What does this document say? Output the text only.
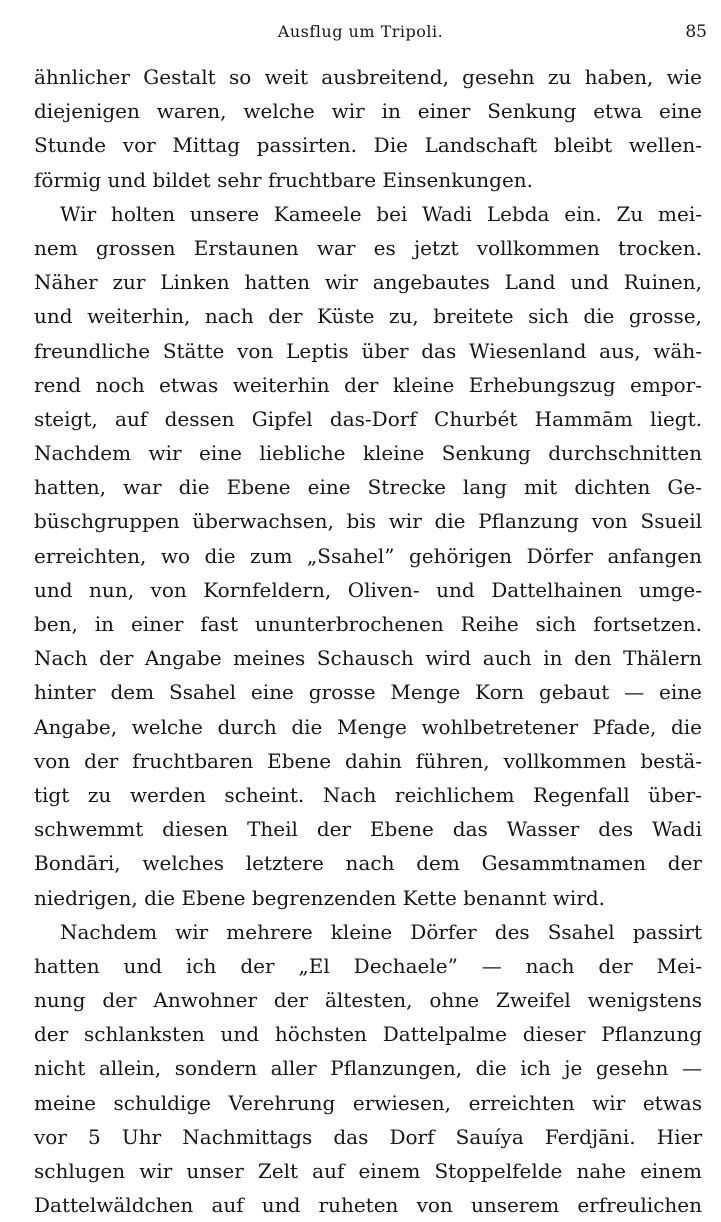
Ausflug um Tripoli.	85
ähnlicher Gestalt so weit ausbreitend, gesehn zu haben, wie
diejenigen waren, welche wir in einer Senkung etwa eine
Stunde vor Mittag passirten. Die Landschaft bleibt wellen-
förmig und bildet sehr fruchtbare Einsenkungen.
Wir holten unsere Kameele bei Wadi Lebda ein. Zu mei-
nem grossen Erstaunen war es jetzt vollkommen trocken.
Näher zur Linken hatten wir angebautes Land und Ruinen,
und weiterhin, nach der Küste zu, breitete sich die grosse,
freundliche Stätte von Leptis über das Wiesenland aus, wäh-
rend noch etwas weiterhin der kleine Erhebungszug empor-
steigt, auf dessen Gipfel das-Dorf Churbét Hammām liegt.
Nachdem wir eine liebliche kleine Senkung durchschnitten
hatten, war die Ebene eine Strecke lang mit dichten Ge-
büschgruppen überwachsen, bis wir die Pflanzung von Ssueil
erreichten, wo die zum „Ssahel” gehörigen Dörfer anfangen
und nun, von Kornfeldern, Oliven- und Dattelhainen umge-
ben, in einer fast ununterbrochenen Reihe sich fortsetzen.
Nach der Angabe meines Schausch wird auch in den Thälern
hinter dem Ssahel eine grosse Menge Korn gebaut — eine
Angabe, welche durch die Menge wohlbetretener Pfade, die
von der fruchtbaren Ebene dahin führen, vollkommen bestä-
tigt zu werden scheint. Nach reichlichem Regenfall über-
schwemmt diesen Theil der Ebene das Wasser des Wadi
Bondāri, welches letztere nach dem Gesammtnamen der
niedrigen, die Ebene begrenzenden Kette benannt wird.
Nachdem wir mehrere kleine Dörfer des Ssahel passirt
hatten und ich der „El Dechaele” — nach der Mei-
nung der Anwohner der ältesten, ohne Zweifel wenigstens
der schlanksten und höchsten Dattelpalme dieser Pflanzung
nicht allein, sondern aller Pflanzungen, die ich je gesehn —
meine schuldige Verehrung erwiesen, erreichten wir etwas
vor 5 Uhr Nachmittags das Dorf Sauíya Ferdjāni. Hier
schlugen wir unser Zelt auf einem Stoppelfelde nahe einem
Dattelwäldchen auf und ruheten von unserem erfreulichen
